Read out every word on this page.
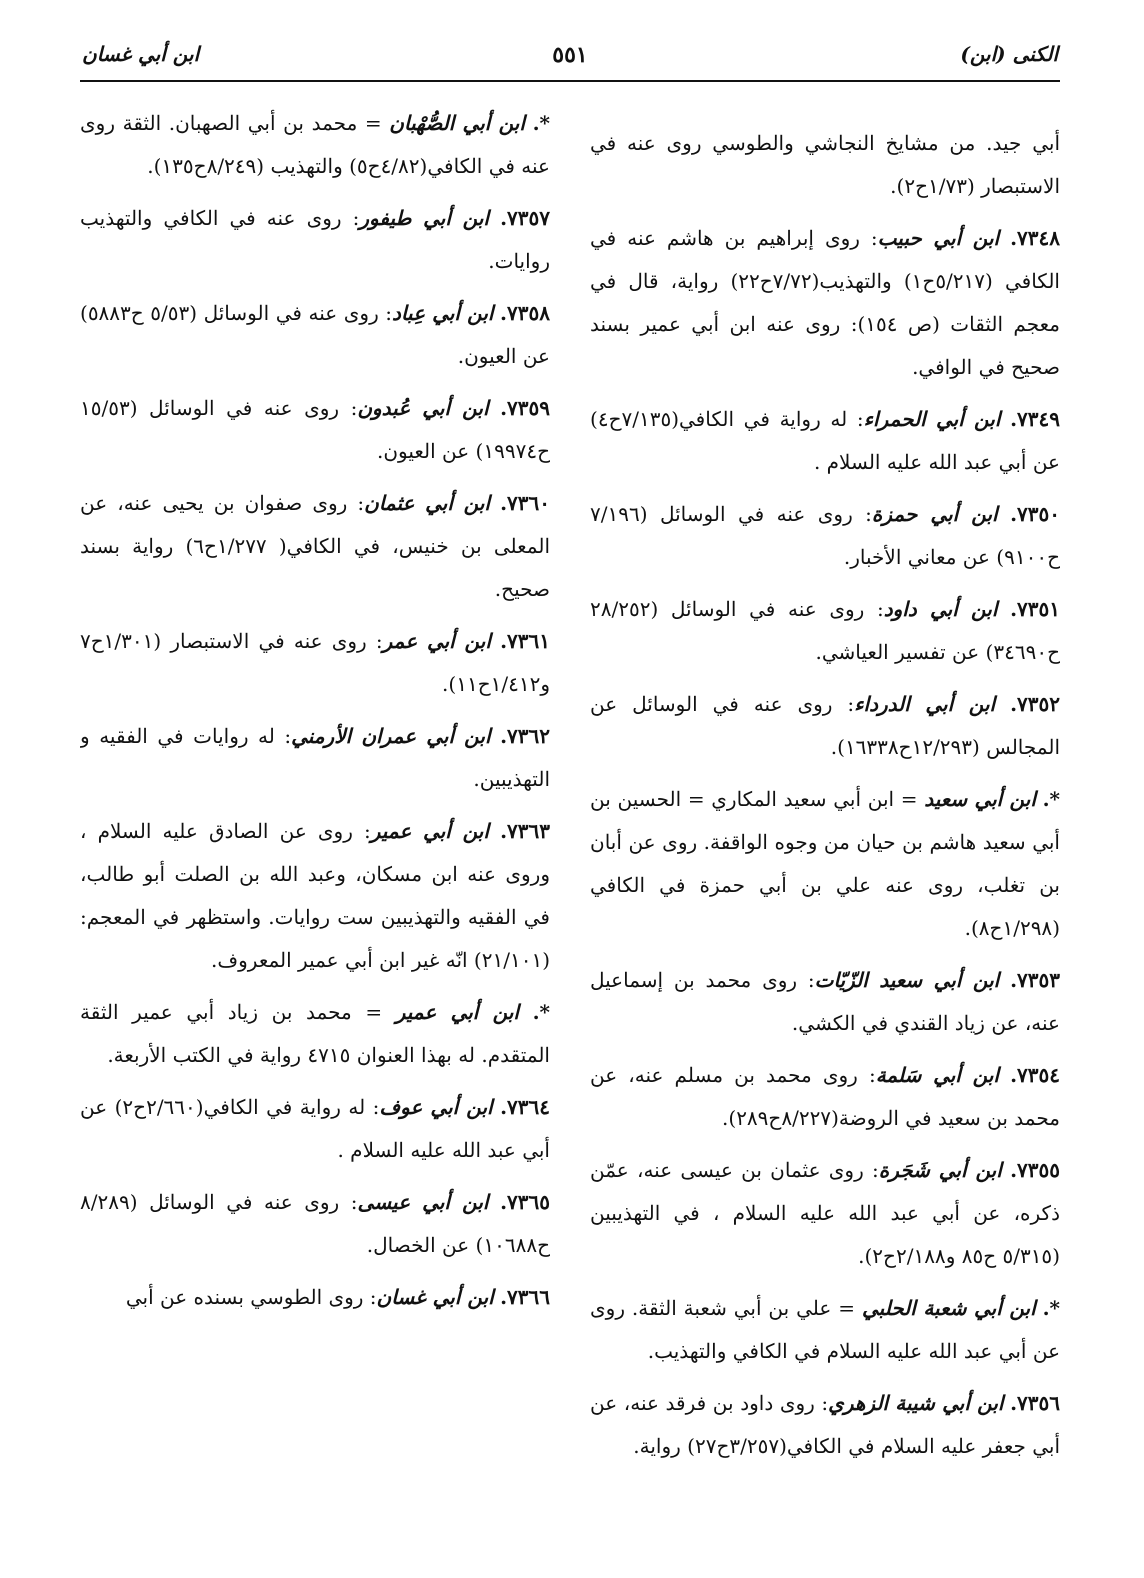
الكنى (ابن)
٥٥١
ابن أبي غسان

أبي جيد. من مشايخ النجاشي والطوسي روى عنه في الاستبصار (١/٧٣ح٢).

٧٣٤٨. ابن أبي حبيب: روى إبراهيم بن هاشم عنه في الكافي (٥/٢١٧ح١) والتهذيب(٧/٧٢ح٢٢) رواية، قال في معجم الثقات (ص ١٥٤): روى عنه ابن أبي عمير بسند صحيح في الوافي.

٧٣٤٩. ابن أبي الحمراء: له رواية في الكافي(٧/١٣٥ح٤) عن أبي عبد الله عليه السلام .

٧٣٥٠. ابن أبي حمزة: روى عنه في الوسائل (٧/١٩٦ ح٩١٠٠) عن معاني الأخبار.

٧٣٥١. ابن أبي داود: روى عنه في الوسائل (٢٨/٢٥٢ ح٣٤٦٩٠) عن تفسير العياشي.

٧٣٥٢. ابن أبي الدرداء: روى عنه في الوسائل عن المجالس (١٢/٢٩٣ح١٦٣٣٨).

*. ابن أبي سعيد = ابن أبي سعيد المكاري = الحسين بن أبي سعيد هاشم بن حيان من وجوه الواقفة. روى عن أبان بن تغلب، روى عنه علي بن أبي حمزة في الكافي (١/٢٩٨ح٨).

٧٣٥٣. ابن أبي سعيد الزّيّات: روى محمد بن إسماعيل عنه، عن زياد القندي في الكشي.

٧٣٥٤. ابن أبي سَلمة: روى محمد بن مسلم عنه، عن محمد بن سعيد في الروضة(٨/٢٢٧ح٢٨٩).

٧٣٥٥. ابن أبي شَجَرة: روى عثمان بن عيسى عنه، عمّن ذكره، عن أبي عبد الله عليه السلام ، في التهذيبين (٥/٣١٥ ح٨٥ و٢/١٨٨ح٢).

*. ابن أبي شعبة الحلبي = علي بن أبي شعبة الثقة. روى عن أبي عبد الله عليه السلام في الكافي والتهذيب.

٧٣٥٦. ابن أبي شيبة الزهري: روى داود بن فرقد عنه، عن أبي جعفر عليه السلام في الكافي(٣/٢٥٧ح٢٧) رواية.

*. ابن أبي الصُّهْبان = محمد بن أبي الصهبان. الثقة روى عنه في الكافي(٤/٨٢ح٥) والتهذيب (٨/٢٤٩ح١٣٥).

٧٣٥٧. ابن أبي طيفور: روى عنه في الكافي والتهذيب روايات.

٧٣٥٨. ابن أبي عِباد: روى عنه في الوسائل (٥/٥٣ ح٥٨٨٣) عن العيون.

٧٣٥٩. ابن أبي عُبدون: روى عنه في الوسائل (١٥/٥٣ ح١٩٩٧٤) عن العيون.

٧٣٦٠. ابن أبي عثمان: روى صفوان بن يحيى عنه، عن المعلى بن خنيس، في الكافي( ١/٢٧٧ح٦) رواية بسند صحيح.

٧٣٦١. ابن أبي عمر: روى عنه في الاستبصار (١/٣٠١ح٧ و١/٤١٢ح١١).

٧٣٦٢. ابن أبي عمران الأرمني: له روايات في الفقيه و التهذيبين.

٧٣٦٣. ابن أبي عمير: روى عن الصادق عليه السلام ، وروى عنه ابن مسكان، وعبد الله بن الصلت أبو طالب، في الفقيه والتهذيبين ست روايات. واستظهر في المعجم: (٢١/١٠١) انّه غير ابن أبي عمير المعروف.

*. ابن أبي عمير = محمد بن زياد أبي عمير الثقة المتقدم. له بهذا العنوان ٤٧١٥ رواية في الكتب الأربعة.

٧٣٦٤. ابن أبي عوف: له رواية في الكافي(٢/٦٦٠ح٢) عن أبي عبد الله عليه السلام .

٧٣٦٥. ابن أبي عيسى: روى عنه في الوسائل (٨/٢٨٩ ح١٠٦٨٨) عن الخصال.

٧٣٦٦. ابن أبي غسان: روى الطوسي بسنده عن أبي
